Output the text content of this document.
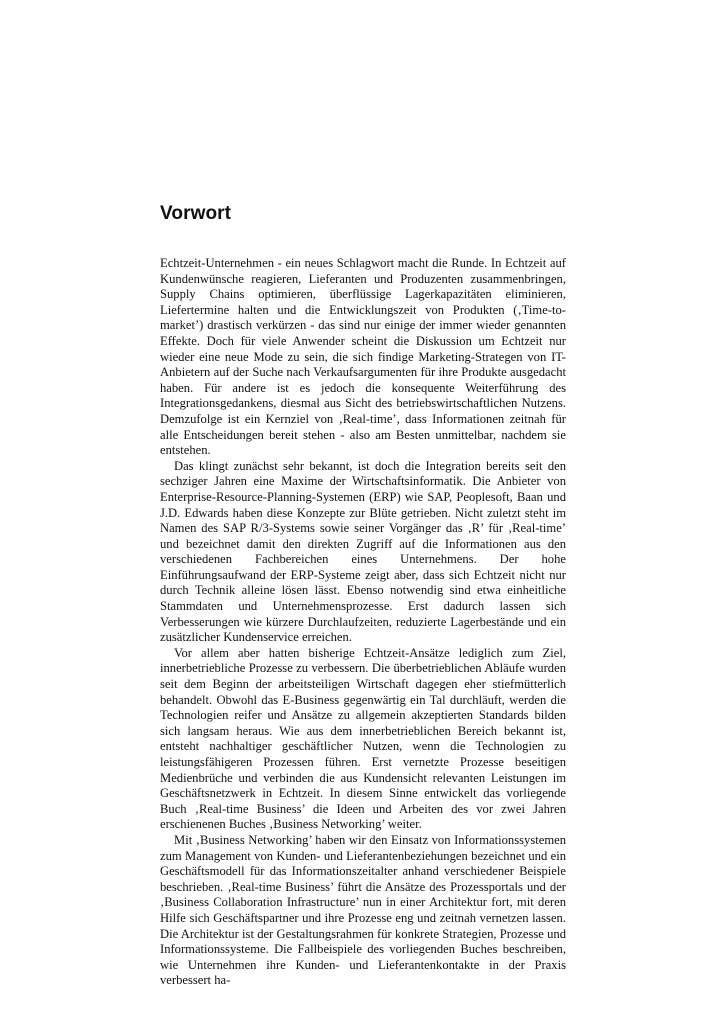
Vorwort

Echtzeit-Unternehmen - ein neues Schlagwort macht die Runde. In Echtzeit auf Kundenwünsche reagieren, Lieferanten und Produzenten zusammenbringen, Supply Chains optimieren, überflüssige Lagerkapazitäten eliminieren, Liefertermine halten und die Entwicklungszeit von Produkten (‚Time-to-market’) drastisch verkürzen - das sind nur einige der immer wieder genannten Effekte. Doch für viele Anwender scheint die Diskussion um Echtzeit nur wieder eine neue Mode zu sein, die sich findige Marketing-Strategen von IT-Anbietern auf der Suche nach Verkaufsargumenten für ihre Produkte ausgedacht haben. Für andere ist es jedoch die konsequente Weiterführung des Integrationsgedankens, diesmal aus Sicht des betriebswirtschaftlichen Nutzens. Demzufolge ist ein Kernziel von ‚Real-time’, dass Informationen zeitnah für alle Entscheidungen bereit stehen - also am Besten unmittelbar, nachdem sie entstehen.

Das klingt zunächst sehr bekannt, ist doch die Integration bereits seit den sechziger Jahren eine Maxime der Wirtschaftsinformatik. Die Anbieter von Enterprise-Resource-Planning-Systemen (ERP) wie SAP, Peoplesoft, Baan und J.D. Edwards haben diese Konzepte zur Blüte getrieben. Nicht zuletzt steht im Namen des SAP R/3-Systems sowie seiner Vorgänger das ‚R’ für ‚Real-time’ und bezeichnet damit den direkten Zugriff auf die Informationen aus den verschiedenen Fachbereichen eines Unternehmens. Der hohe Einführungsaufwand der ERP-Systeme zeigt aber, dass sich Echtzeit nicht nur durch Technik alleine lösen lässt. Ebenso notwendig sind etwa einheitliche Stammdaten und Unternehmensprozesse. Erst dadurch lassen sich Verbesserungen wie kürzere Durchlaufzeiten, reduzierte Lagerbestände und ein zusätzlicher Kundenservice erreichen.

Vor allem aber hatten bisherige Echtzeit-Ansätze lediglich zum Ziel, innerbetriebliche Prozesse zu verbessern. Die überbetrieblichen Abläufe wurden seit dem Beginn der arbeitsteiligen Wirtschaft dagegen eher stiefmütterlich behandelt. Obwohl das E-Business gegenwärtig ein Tal durchläuft, werden die Technologien reifer und Ansätze zu allgemein akzeptierten Standards bilden sich langsam heraus. Wie aus dem innerbetrieblichen Bereich bekannt ist, entsteht nachhaltiger geschäftlicher Nutzen, wenn die Technologien zu leistungsfähigeren Prozessen führen. Erst vernetzte Prozesse beseitigen Medienbrüche und verbinden die aus Kundensicht relevanten Leistungen im Geschäftsnetzwerk in Echtzeit. In diesem Sinne entwickelt das vorliegende Buch ‚Real-time Business’ die Ideen und Arbeiten des vor zwei Jahren erschienenen Buches ‚Business Networking’ weiter.

Mit ‚Business Networking’ haben wir den Einsatz von Informationssystemen zum Management von Kunden- und Lieferantenbeziehungen bezeichnet und ein Geschäftsmodell für das Informationszeitalter anhand verschiedener Beispiele beschrieben. ‚Real-time Business’ führt die Ansätze des Prozessportals und der ‚Business Collaboration Infrastructure’ nun in einer Architektur fort, mit deren Hilfe sich Geschäftspartner und ihre Prozesse eng und zeitnah vernetzen lassen. Die Architektur ist der Gestaltungsrahmen für konkrete Strategien, Prozesse und Informationssysteme. Die Fallbeispiele des vorliegenden Buches beschreiben, wie Unternehmen ihre Kunden- und Lieferantenkontakte in der Praxis verbessert ha-
